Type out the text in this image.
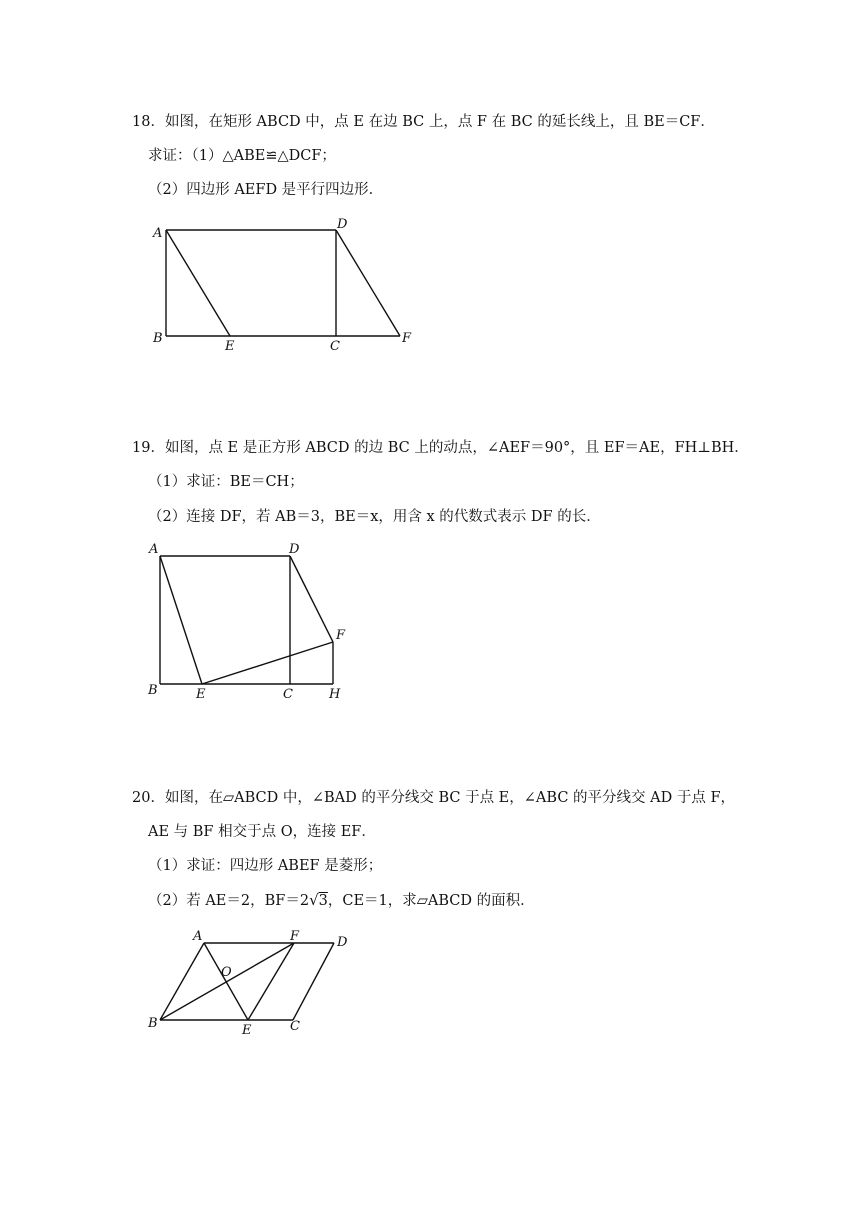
18．如图，在矩形 ABCD 中，点 E 在边 BC 上，点 F 在 BC 的延长线上，且 BE＝CF．
求证：（1）△ABE≌△DCF；
（2）四边形 AEFD 是平行四边形．
A
D
B
E	C
F
19．如图，点 E 是正方形 ABCD 的边 BC 上的动点，∠AEF＝90°，且 EF＝AE，FH⊥BH．
（1）求证：BE＝CH；
（2）连接 DF，若 AB＝3，BE＝x，用含 x 的代数式表示 DF 的长．
A	D
F
B	E	C	H
20．如图，在▱ABCD 中，∠BAD 的平分线交 BC 于点 E，∠ABC 的平分线交 AD 于点 F，
AE 与 BF 相交于点 O，连接 EF．
（1）求证：四边形 ABEF 是菱形；
（2）若 AE＝2，BF＝2√3，CE＝1，求▱ABCD 的面积．
A	F	D
O
B	E	C
